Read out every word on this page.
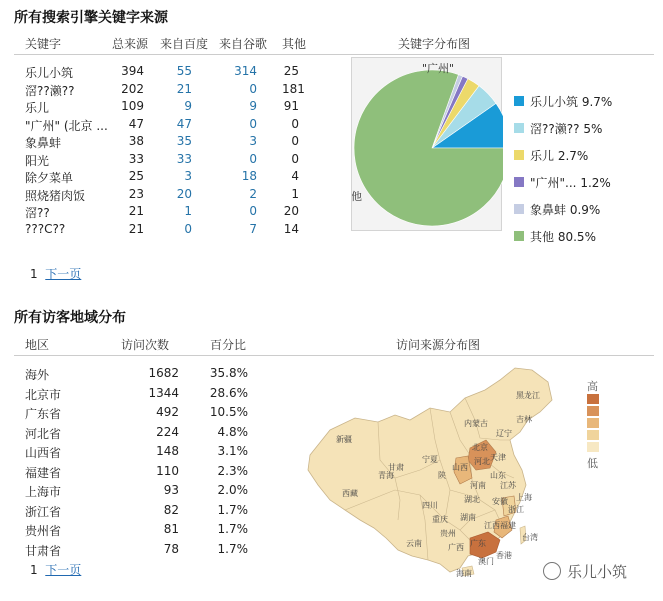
所有搜索引擎关键字来源
关键字	总来源 来自百度 来自谷歌 其他	关键字分布图
乐儿小筑	394	55	314 25
滘??濑??	202	21	0 181
乐儿	109	9	9 91
"广州" (北京 ...	47	47	0	0
象鼻蚌	38	35	3	0
阳光	33	33	0	0
除夕菜单	25	3	18	4
照烧猪肉饭	23	20	2	1
滘??	21	1	0 20
???C??	21	0	7 14
1 下一页
"广州"
他
乐儿小筑 9.7%
滘??濑?? 5%
乐儿 2.7%
"广州"... 1.2%
象鼻蚌 0.9%
其他 80.5%
所有访客地域分布
地区	访问次数	百分比	访问来源分布图
海外	1682	35.8%
北京市	1344	28.6%
广东省	492	10.5%
河北省	224	4.8%
山西省	148	3.1%
福建省	110	2.3%
上海市	93	2.0%
浙江省	82	1.7%
贵州省	81	1.7%
甘肃省	78	1.7%
1 下一页
黑龙江
吉林
辽宁
内蒙古
新疆
甘肃
宁夏
北京
山西
河北 天津
陕	山东
河南 江苏
上海
西藏
青海
四川
湖北 安徽
重庆 湖南
江西
浙江
贵州
福建
云南	广西 广东
香港
澳门
海南
台湾
高
低
乐儿小筑
